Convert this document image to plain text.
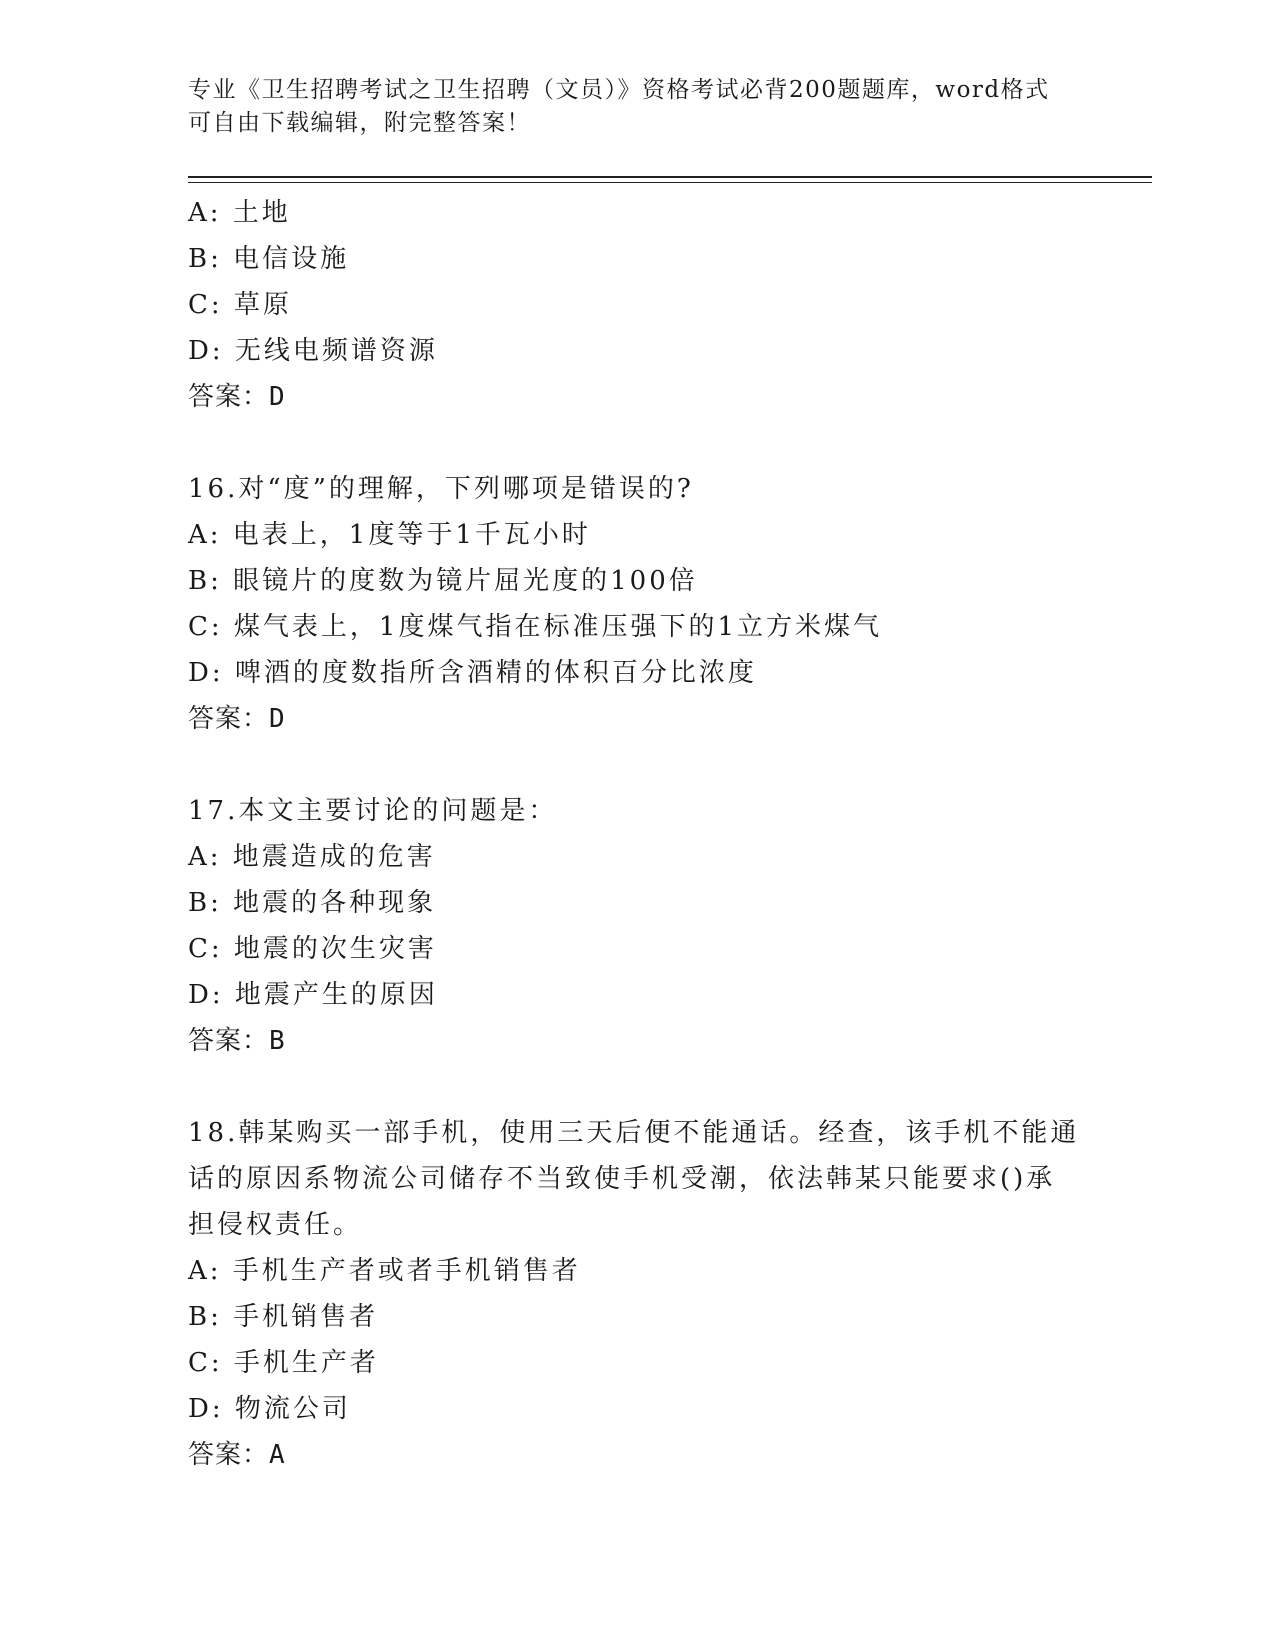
专业《卫生招聘考试之卫生招聘（文员）》资格考试必背200题题库，word格式
可自由下载编辑，附完整答案！
A: 土地
B: 电信设施
C: 草原
D: 无线电频谱资源
答案：D
16.对“度”的理解，下列哪项是错误的?
A: 电表上，1度等于1千瓦小时
B: 眼镜片的度数为镜片屈光度的100倍
C: 煤气表上，1度煤气指在标准压强下的1立方米煤气
D: 啤酒的度数指所含酒精的体积百分比浓度
答案：D
17.本文主要讨论的问题是：
A: 地震造成的危害
B: 地震的各种现象
C: 地震的次生灾害
D: 地震产生的原因
答案：B
18.韩某购买一部手机，使用三天后便不能通话。经查，该手机不能通
话的原因系物流公司储存不当致使手机受潮，依法韩某只能要求()承
担侵权责任。
A: 手机生产者或者手机销售者
B: 手机销售者
C: 手机生产者
D: 物流公司
答案：A
